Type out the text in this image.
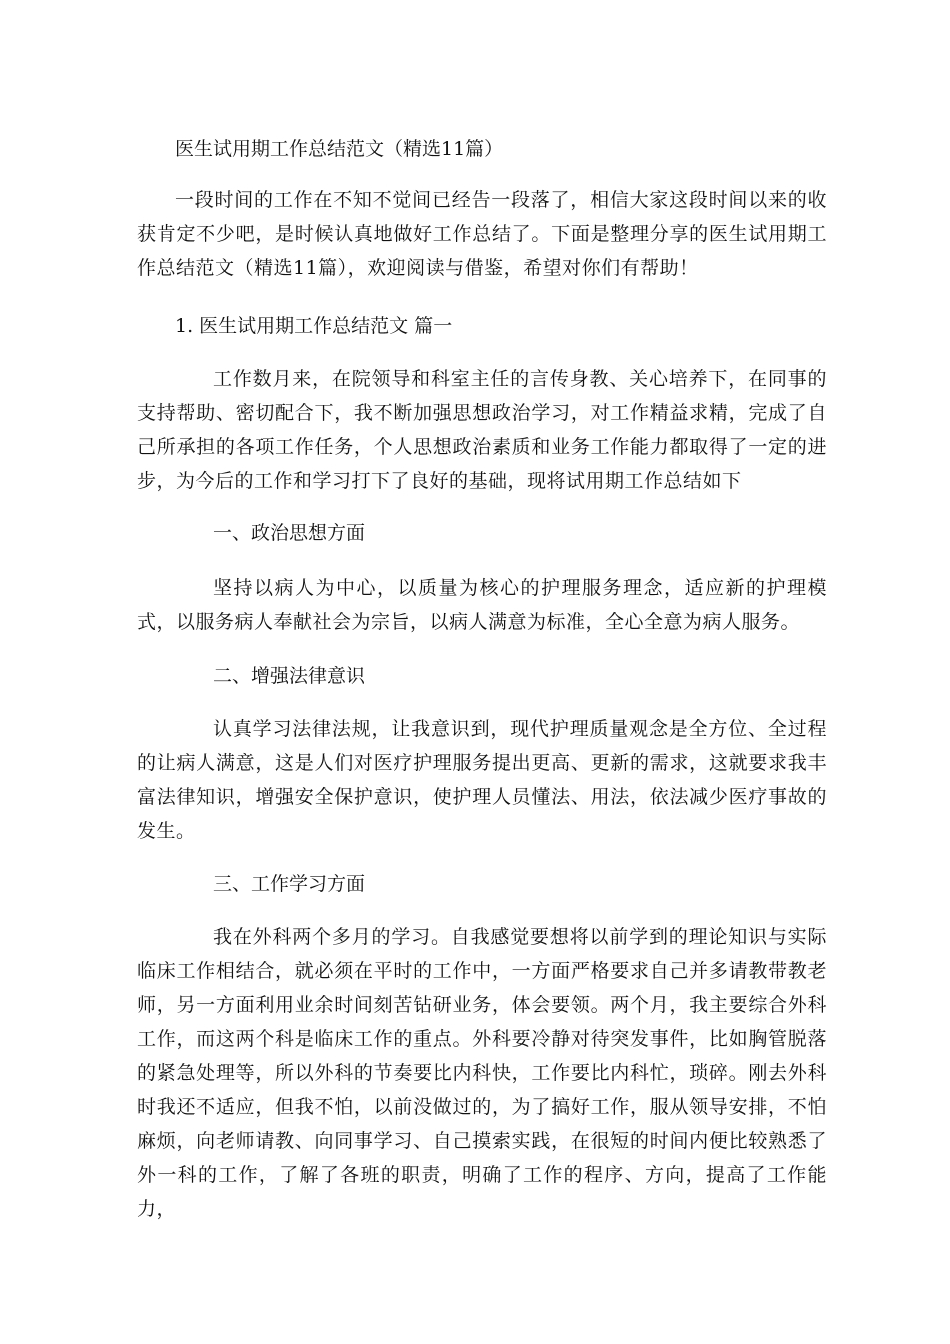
医生试用期工作总结范文（精选11篇）

一段时间的工作在不知不觉间已经告一段落了，相信大家这段时间以来的收获肯定不少吧，是时候认真地做好工作总结了。下面是整理分享的医生试用期工作总结范文（精选11篇），欢迎阅读与借鉴，希望对你们有帮助！

1. 医生试用期工作总结范文 篇一

工作数月来，在院领导和科室主任的言传身教、关心培养下，在同事的支持帮助、密切配合下，我不断加强思想政治学习，对工作精益求精，完成了自己所承担的各项工作任务，个人思想政治素质和业务工作能力都取得了一定的进步，为今后的工作和学习打下了良好的基础，现将试用期工作总结如下

一、政治思想方面

坚持以病人为中心，以质量为核心的护理服务理念，适应新的护理模式，以服务病人奉献社会为宗旨，以病人满意为标准，全心全意为病人服务。

二、增强法律意识

认真学习法律法规，让我意识到，现代护理质量观念是全方位、全过程的让病人满意，这是人们对医疗护理服务提出更高、更新的需求，这就要求我丰富法律知识，增强安全保护意识，使护理人员懂法、用法，依法减少医疗事故的发生。

三、工作学习方面

我在外科两个多月的学习。自我感觉要想将以前学到的理论知识与实际临床工作相结合，就必须在平时的工作中，一方面严格要求自己并多请教带教老师，另一方面利用业余时间刻苦钻研业务，体会要领。两个月，我主要综合外科工作，而这两个科是临床工作的重点。外科要冷静对待突发事件，比如胸管脱落的紧急处理等，所以外科的节奏要比内科快，工作要比内科忙，琐碎。刚去外科时我还不适应，但我不怕，以前没做过的，为了搞好工作，服从领导安排，不怕麻烦，向老师请教、向同事学习、自己摸索实践，在很短的时间内便比较熟悉了外一科的工作，了解了各班的职责，明确了工作的程序、方向，提高了工作能力，
